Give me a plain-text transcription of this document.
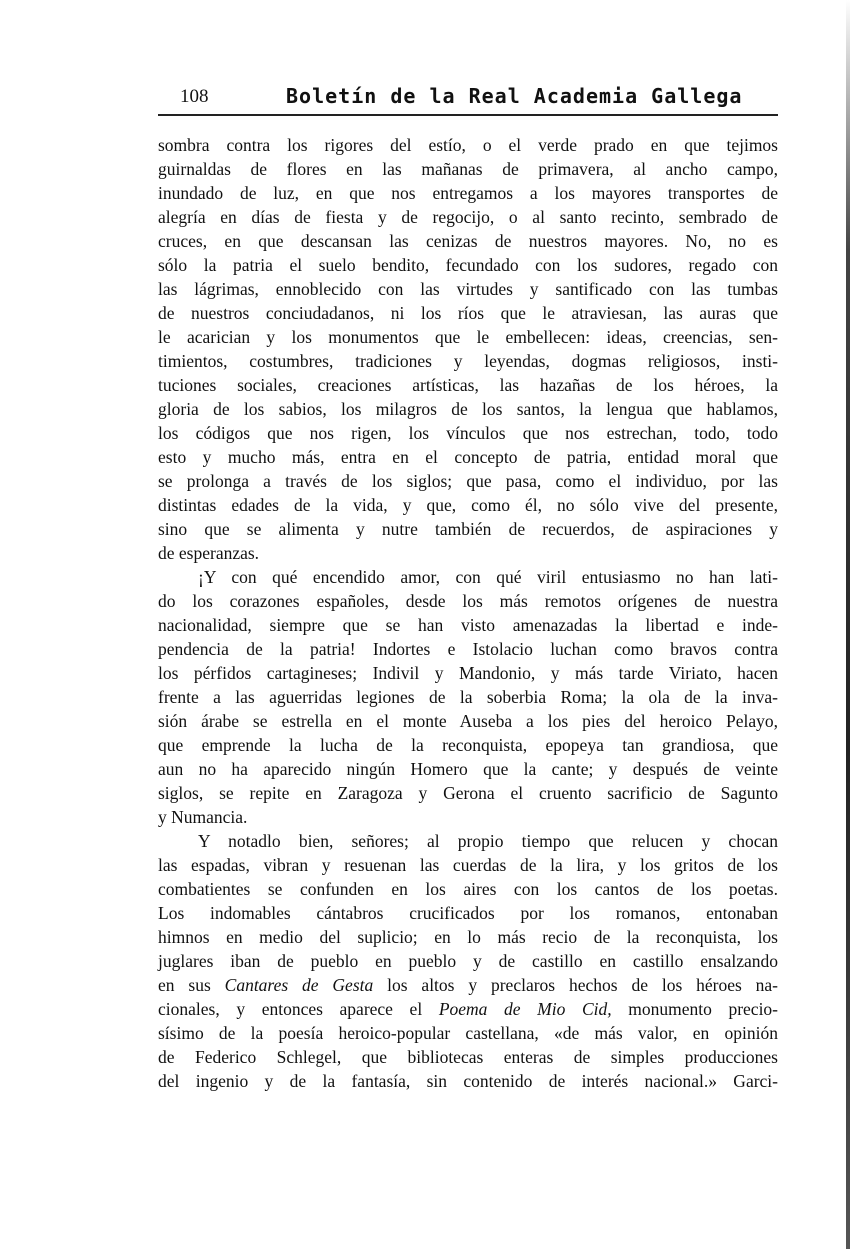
108	Boletín de la Real Academia Gallega
sombra contra los rigores del estío, o el verde prado en que tejimos
guirnaldas de flores en las mañanas de primavera, al ancho campo,
inundado de luz, en que nos entregamos a los mayores transportes de
alegría en días de fiesta y de regocijo, o al santo recinto, sembrado de
cruces, en que descansan las cenizas de nuestros mayores. No, no es
sólo la patria el suelo bendito, fecundado con los sudores, regado con
las lágrimas, ennoblecido con las virtudes y santificado con las tumbas
de nuestros conciudadanos, ni los ríos que le atraviesan, las auras que
le acarician y los monumentos que le embellecen: ideas, creencias, sen-
timientos, costumbres, tradiciones y leyendas, dogmas religiosos, insti-
tuciones sociales, creaciones artísticas, las hazañas de los héroes, la
gloria de los sabios, los milagros de los santos, la lengua que hablamos,
los códigos que nos rigen, los vínculos que nos estrechan, todo, todo
esto y mucho más, entra en el concepto de patria, entidad moral que
se prolonga a través de los siglos; que pasa, como el individuo, por las
distintas edades de la vida, y que, como él, no sólo vive del presente,
sino que se alimenta y nutre también de recuerdos, de aspiraciones y
de esperanzas.
¡Y con qué encendido amor, con qué viril entusiasmo no han lati-
do los corazones españoles, desde los más remotos orígenes de nuestra
nacionalidad, siempre que se han visto amenazadas la libertad e inde-
pendencia de la patria! Indortes e Istolacio luchan como bravos contra
los pérfidos cartagineses; Indivil y Mandonio, y más tarde Viriato, hacen
frente a las aguerridas legiones de la soberbia Roma; la ola de la inva-
sión árabe se estrella en el monte Auseba a los pies del heroico Pelayo,
que emprende la lucha de la reconquista, epopeya tan grandiosa, que
aun no ha aparecido ningún Homero que la cante; y después de veinte
siglos, se repite en Zaragoza y Gerona el cruento sacrificio de Sagunto
y Numancia.
Y notadlo bien, señores; al propio tiempo que relucen y chocan
las espadas, vibran y resuenan las cuerdas de la lira, y los gritos de los
combatientes se confunden en los aires con los cantos de los poetas.
Los indomables cántabros crucificados por los romanos, entonaban
himnos en medio del suplicio; en lo más recio de la reconquista, los
juglares iban de pueblo en pueblo y de castillo en castillo ensalzando
en sus Cantares de Gesta los altos y preclaros hechos de los héroes na-
cionales, y entonces aparece el Poema de Mio Cid, monumento precio-
sísimo de la poesía heroico-popular castellana, «de más valor, en opinión
de Federico Schlegel, que bibliotecas enteras de simples producciones
del ingenio y de la fantasía, sin contenido de interés nacional.» Garci-
